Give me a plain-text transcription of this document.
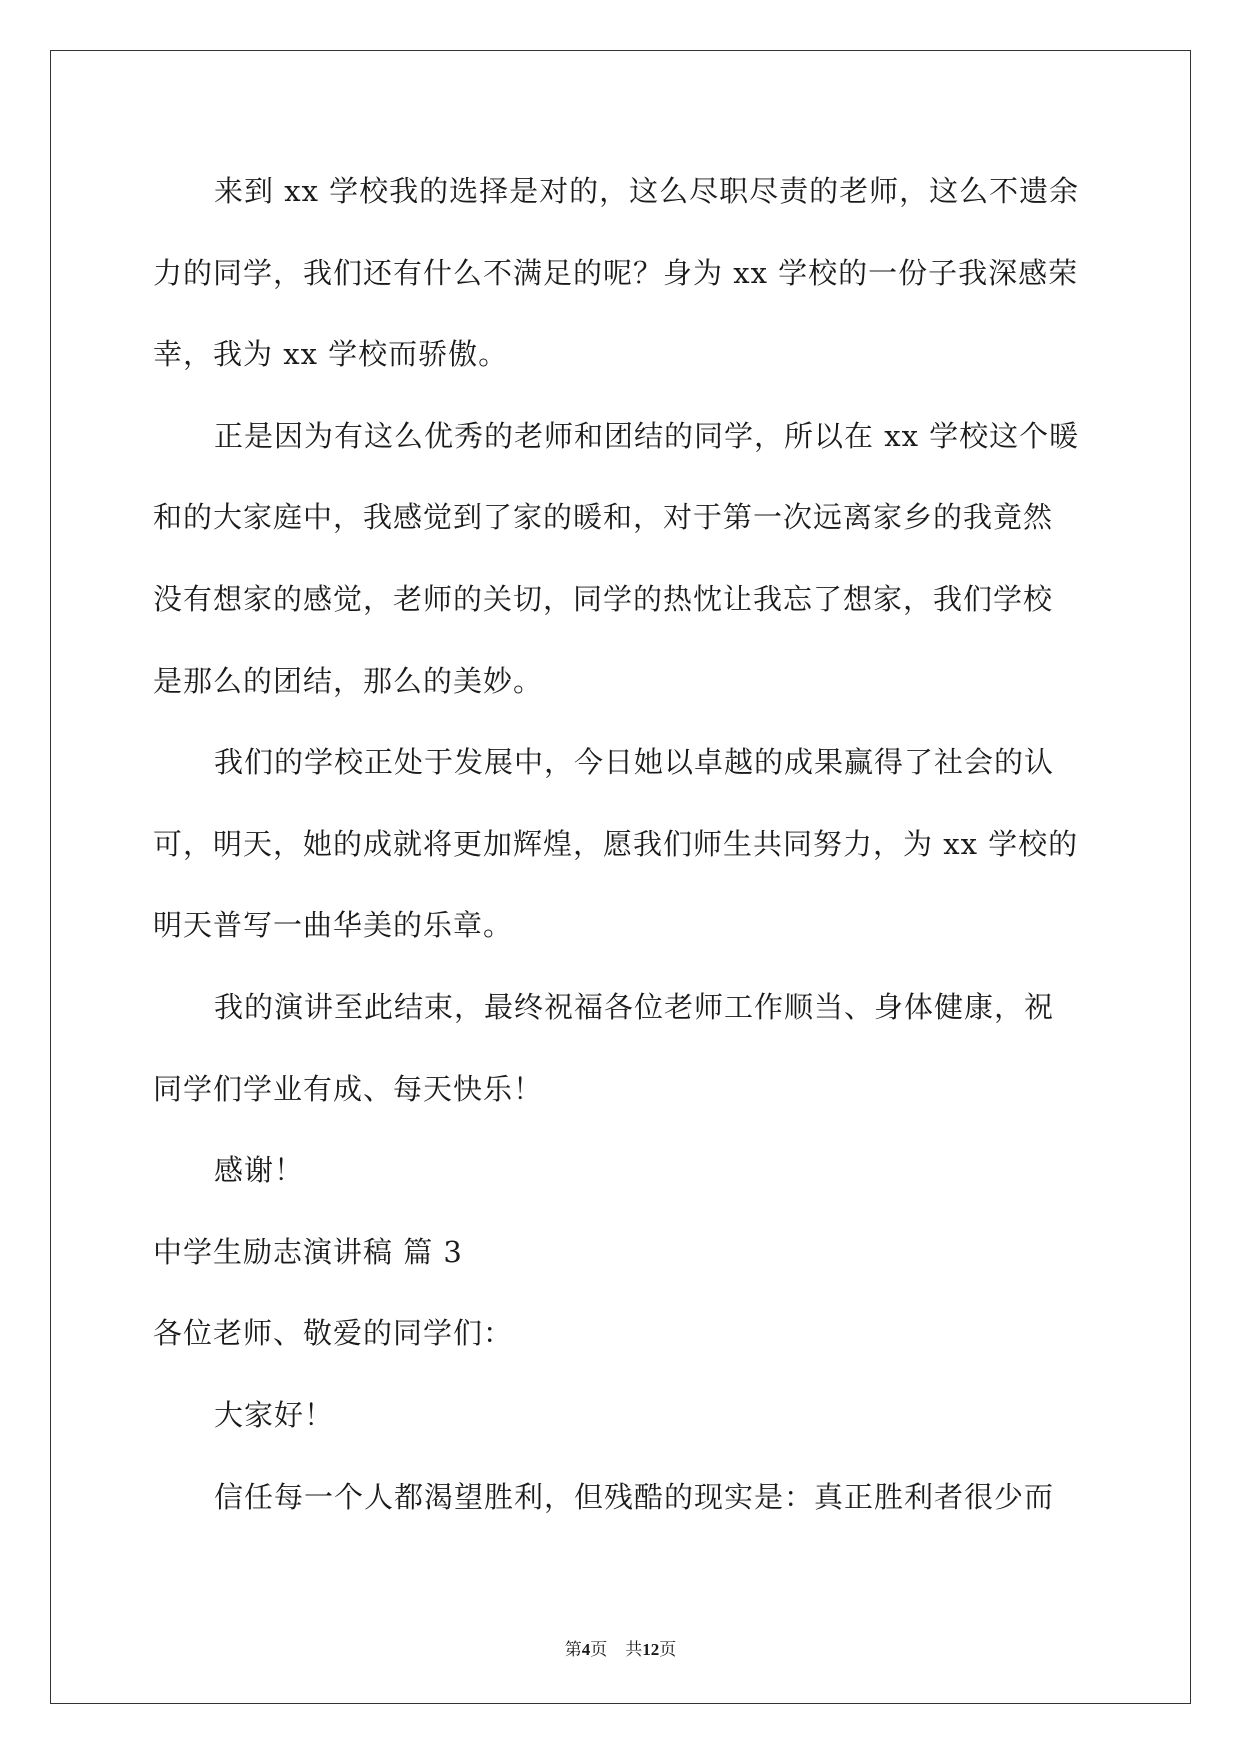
来到 xx 学校我的选择是对的，这么尽职尽责的老师，这么不遗余
力的同学，我们还有什么不满足的呢？身为 xx 学校的一份子我深感荣
幸，我为 xx 学校而骄傲。
正是因为有这么优秀的老师和团结的同学，所以在 xx 学校这个暖
和的大家庭中，我感觉到了家的暖和，对于第一次远离家乡的我竟然
没有想家的感觉，老师的关切，同学的热忱让我忘了想家，我们学校
是那么的团结，那么的美妙。
我们的学校正处于发展中，今日她以卓越的成果赢得了社会的认
可，明天，她的成就将更加辉煌，愿我们师生共同努力，为 xx 学校的
明天普写一曲华美的乐章。
我的演讲至此结束，最终祝福各位老师工作顺当、身体健康，祝
同学们学业有成、每天快乐！
感谢！
中学生励志演讲稿 篇 3
各位老师、敬爱的同学们：
大家好！
信任每一个人都渴望胜利，但残酷的现实是：真正胜利者很少而
第4页 共12页
